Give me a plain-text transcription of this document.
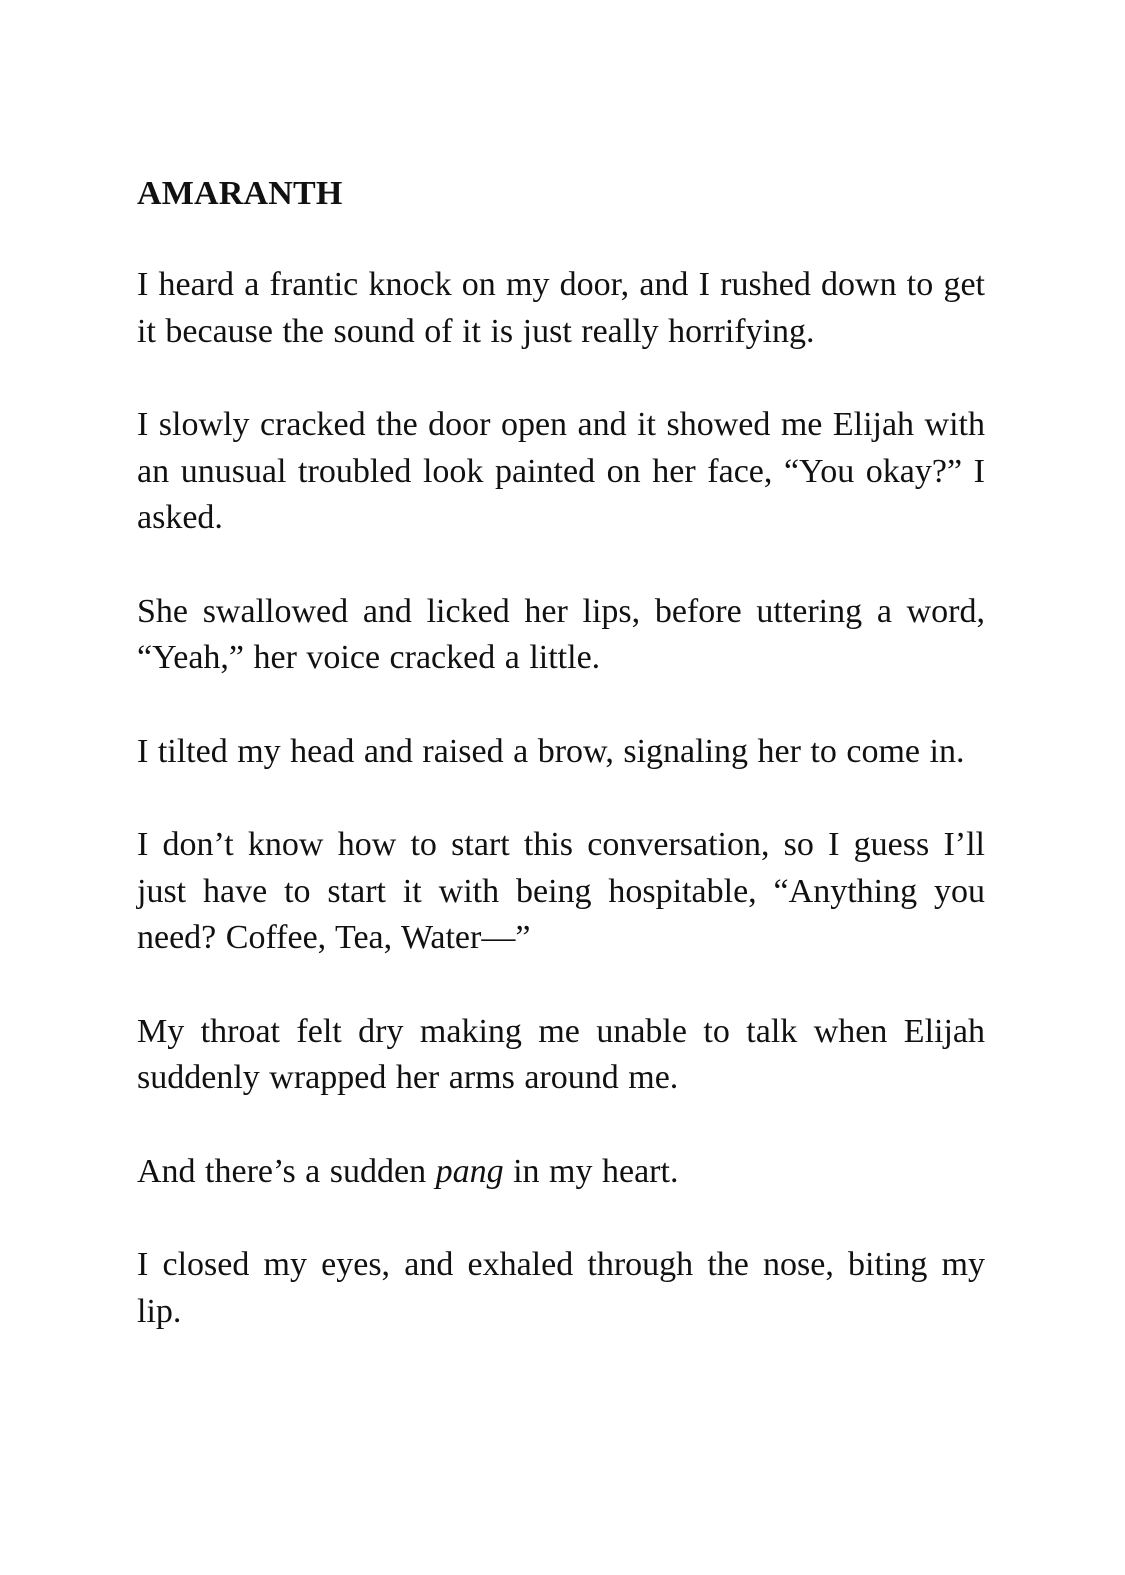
AMARANTH

I heard a frantic knock on my door, and I rushed down to get it because the sound of it is just really horrifying.

I slowly cracked the door open and it showed me Elijah with an unusual troubled look painted on her face, “You okay?” I asked.

She swallowed and licked her lips, before uttering a word, “Yeah,” her voice cracked a little.

I tilted my head and raised a brow, signaling her to come in.

I don’t know how to start this conversation, so I guess I’ll just have to start it with being hospitable, “Anything you need? Coffee, Tea, Water—”

My throat felt dry making me unable to talk when Elijah suddenly wrapped her arms around me.

And there’s a sudden pang in my heart.

I closed my eyes, and exhaled through the nose, biting my lip.
